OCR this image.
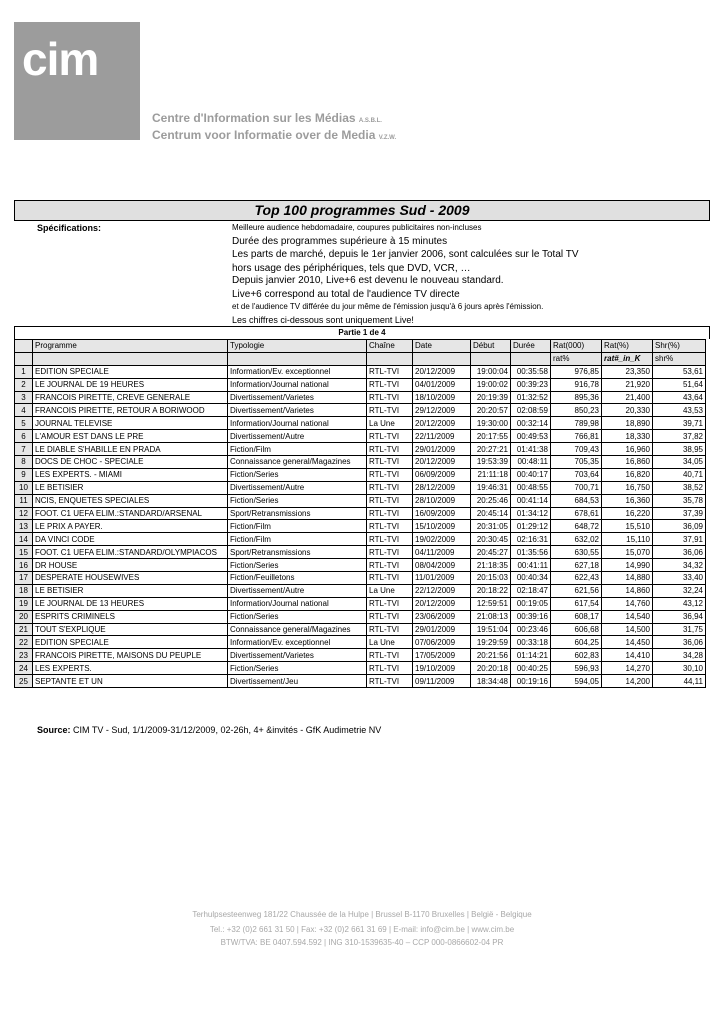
cim
Centre d'Information sur les Médias A.S.B.L.
Centrum voor Informatie over de Media V.Z.W.
Top 100 programmes Sud - 2009
Spécifications:	Meilleure audience hebdomadaire, coupures publicitaires non-incluses
Durée des programmes supérieure à 15 minutes
Les parts de marché, depuis le 1er janvier 2006, sont calculées sur le Total TV
hors usage des périphériques, tels que DVD, VCR, …
Depuis janvier 2010, Live+6 est devenu le nouveau standard.
Live+6 correspond au total de l'audience TV directe
et de l'audience TV différée du jour même de l'émission jusqu'à 6 jours après l'émission.
Les chiffres ci-dessous sont uniquement Live!
Partie 1 de 4
	Programme	Typologie	Chaîne	Date	Début	Durée	Rat(000)	Rat(%)	Shr(%)
							rat%	rat#_in_K	shr%
1	EDITION SPECIALE	Information/Ev. exceptionnel	RTL-TVI	20/12/2009	19:00:04	00:35:58	976,85	23,350	53,61
2	LE JOURNAL DE 19 HEURES	Information/Journal national	RTL-TVI	04/01/2009	19:00:02	00:39:23	916,78	21,920	51,64
3	FRANCOIS PIRETTE, CREVE GENERALE	Divertissement/Varietes	RTL-TVI	18/10/2009	20:19:39	01:32:52	895,36	21,400	43,64
4	FRANCOIS PIRETTE, RETOUR A BORIWOOD	Divertissement/Varietes	RTL-TVI	29/12/2009	20:20:57	02:08:59	850,23	20,330	43,53
5	JOURNAL TELEVISE	Information/Journal national	La Une	20/12/2009	19:30:00	00:32:14	789,98	18,890	39,71
6	L'AMOUR EST DANS LE PRE	Divertissement/Autre	RTL-TVI	22/11/2009	20:17:55	00:49:53	766,81	18,330	37,82
7	LE DIABLE S'HABILLE EN PRADA	Fiction/Film	RTL-TVI	29/01/2009	20:27:21	01:41:38	709,43	16,960	38,95
8	DOCS DE CHOC - SPECIALE	Connaissance general/Magazines	RTL-TVI	20/12/2009	19:53:39	00:48:11	705,35	16,860	34,05
9	LES EXPERTS. - MIAMI	Fiction/Series	RTL-TVI	06/09/2009	21:11:18	00:40:17	703,64	16,820	40,71
10	LE BETISIER	Divertissement/Autre	RTL-TVI	28/12/2009	19:46:31	00:48:55	700,71	16,750	38,52
11	NCIS, ENQUETES SPECIALES	Fiction/Series	RTL-TVI	28/10/2009	20:25:46	00:41:14	684,53	16,360	35,78
12	FOOT. C1 UEFA ELIM.:STANDARD/ARSENAL	Sport/Retransmissions	RTL-TVI	16/09/2009	20:45:14	01:34:12	678,61	16,220	37,39
13	LE PRIX A PAYER.	Fiction/Film	RTL-TVI	15/10/2009	20:31:05	01:29:12	648,72	15,510	36,09
14	DA VINCI CODE	Fiction/Film	RTL-TVI	19/02/2009	20:30:45	02:16:31	632,02	15,110	37,91
15	FOOT. C1 UEFA ELIM.:STANDARD/OLYMPIACOS	Sport/Retransmissions	RTL-TVI	04/11/2009	20:45:27	01:35:56	630,55	15,070	36,06
16	DR HOUSE	Fiction/Series	RTL-TVI	08/04/2009	21:18:35	00:41:11	627,18	14,990	34,32
17	DESPERATE HOUSEWIVES	Fiction/Feuilletons	RTL-TVI	11/01/2009	20:15:03	00:40:34	622,43	14,880	33,40
18	LE BETISIER	Divertissement/Autre	La Une	22/12/2009	20:18:22	02:18:47	621,56	14,860	32,24
19	LE JOURNAL DE 13 HEURES	Information/Journal national	RTL-TVI	20/12/2009	12:59:51	00:19:05	617,54	14,760	43,12
20	ESPRITS CRIMINELS	Fiction/Series	RTL-TVI	23/06/2009	21:08:13	00:39:16	608,17	14,540	36,94
21	TOUT S'EXPLIQUE	Connaissance general/Magazines	RTL-TVI	29/01/2009	19:51:04	00:23:46	606,68	14,500	31,75
22	EDITION SPECIALE	Information/Ev. exceptionnel	La Une	07/06/2009	19:29:59	00:33:18	604,25	14,450	36,06
23	FRANCOIS PIRETTE, MAISONS DU PEUPLE	Divertissement/Varietes	RTL-TVI	17/05/2009	20:21:56	01:14:21	602,83	14,410	34,28
24	LES EXPERTS.	Fiction/Series	RTL-TVI	19/10/2009	20:20:18	00:40:25	596,93	14,270	30,10
25	SEPTANTE ET UN	Divertissement/Jeu	RTL-TVI	09/11/2009	18:34:48	00:19:16	594,05	14,200	44,11
Source: CIM TV - Sud, 1/1/2009-31/12/2009, 02-26h, 4+ &invités - GfK Audimetrie NV
Terhulpsesteenweg 181/22 Chaussée de la Hulpe | Brussel B-1170 Bruxelles | België - Belgique
Tel.: +32 (0)2 661 31 50 | Fax: +32 (0)2 661 31 69 | E-mail: info@cim.be | www.cim.be
BTW/TVA: BE 0407.594.592 | ING 310-1539635-40 – CCP 000-0866602-04 PR
